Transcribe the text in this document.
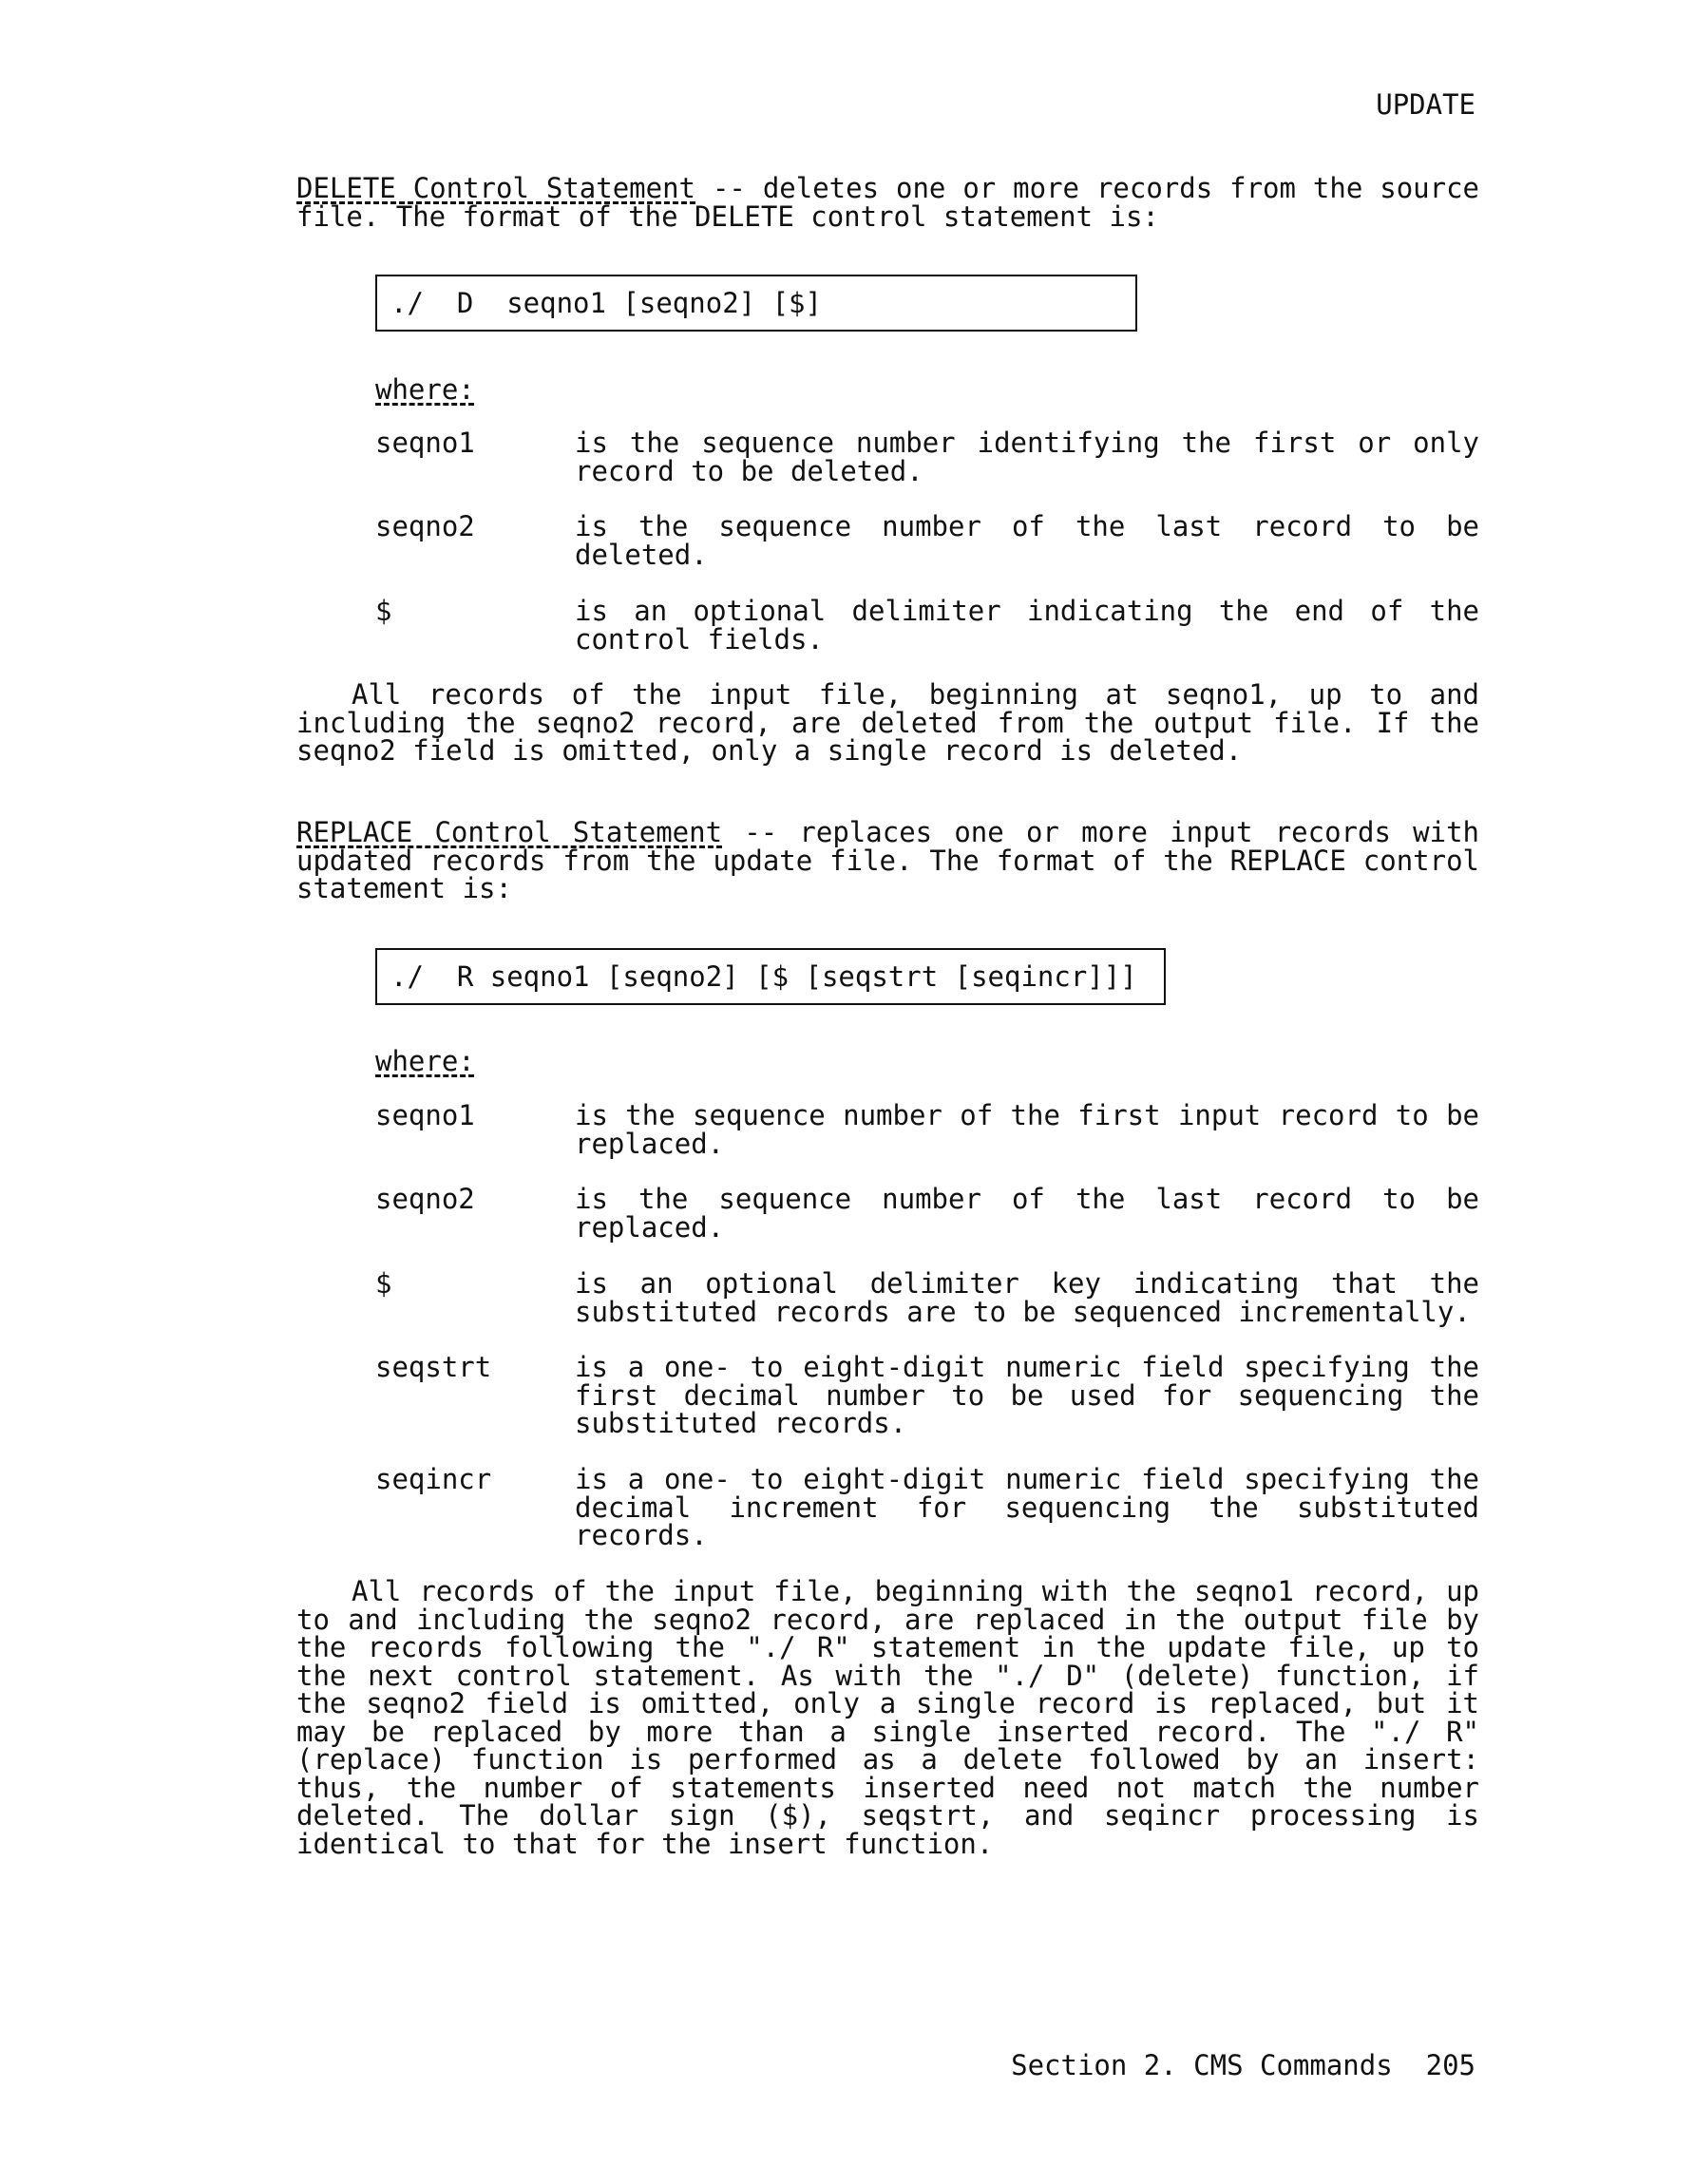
UPDATE
DELETE Control Statement -- deletes one or more records from the source file. The format of the DELETE control statement is:
./  D  seqno1 [seqno2] [$]
where:
seqno1	is the sequence number identifying the first or only record to be deleted.
seqno2	is the sequence number of the last record to be deleted.
$	is an optional delimiter indicating the end of the control fields.
All records of the input file, beginning at seqno1, up to and including the seqno2 record, are deleted from the output file. If the seqno2 field is omitted, only a single record is deleted.
REPLACE Control Statement -- replaces one or more input records with updated records from the update file. The format of the REPLACE control statement is:
./  R seqno1 [seqno2] [$ [seqstrt [seqincr]]]
where:
seqno1	is the sequence number of the first input record to be replaced.
seqno2	is the sequence number of the last record to be replaced.
$	is an optional delimiter key indicating that the substituted records are to be sequenced incrementally.
seqstrt	is a one- to eight-digit numeric field specifying the first decimal number to be used for sequencing the substituted records.
seqincr	is a one- to eight-digit numeric field specifying the decimal increment for sequencing the substituted records.
All records of the input file, beginning with the seqno1 record, up to and including the seqno2 record, are replaced in the output file by the records following the "./ R" statement in the update file, up to the next control statement. As with the "./ D" (delete) function, if the seqno2 field is omitted, only a single record is replaced, but it may be replaced by more than a single inserted record. The "./ R" (replace) function is performed as a delete followed by an insert: thus, the number of statements inserted need not match the number deleted. The dollar sign ($), seqstrt, and seqincr processing is identical to that for the insert function.
Section 2. CMS Commands 205
